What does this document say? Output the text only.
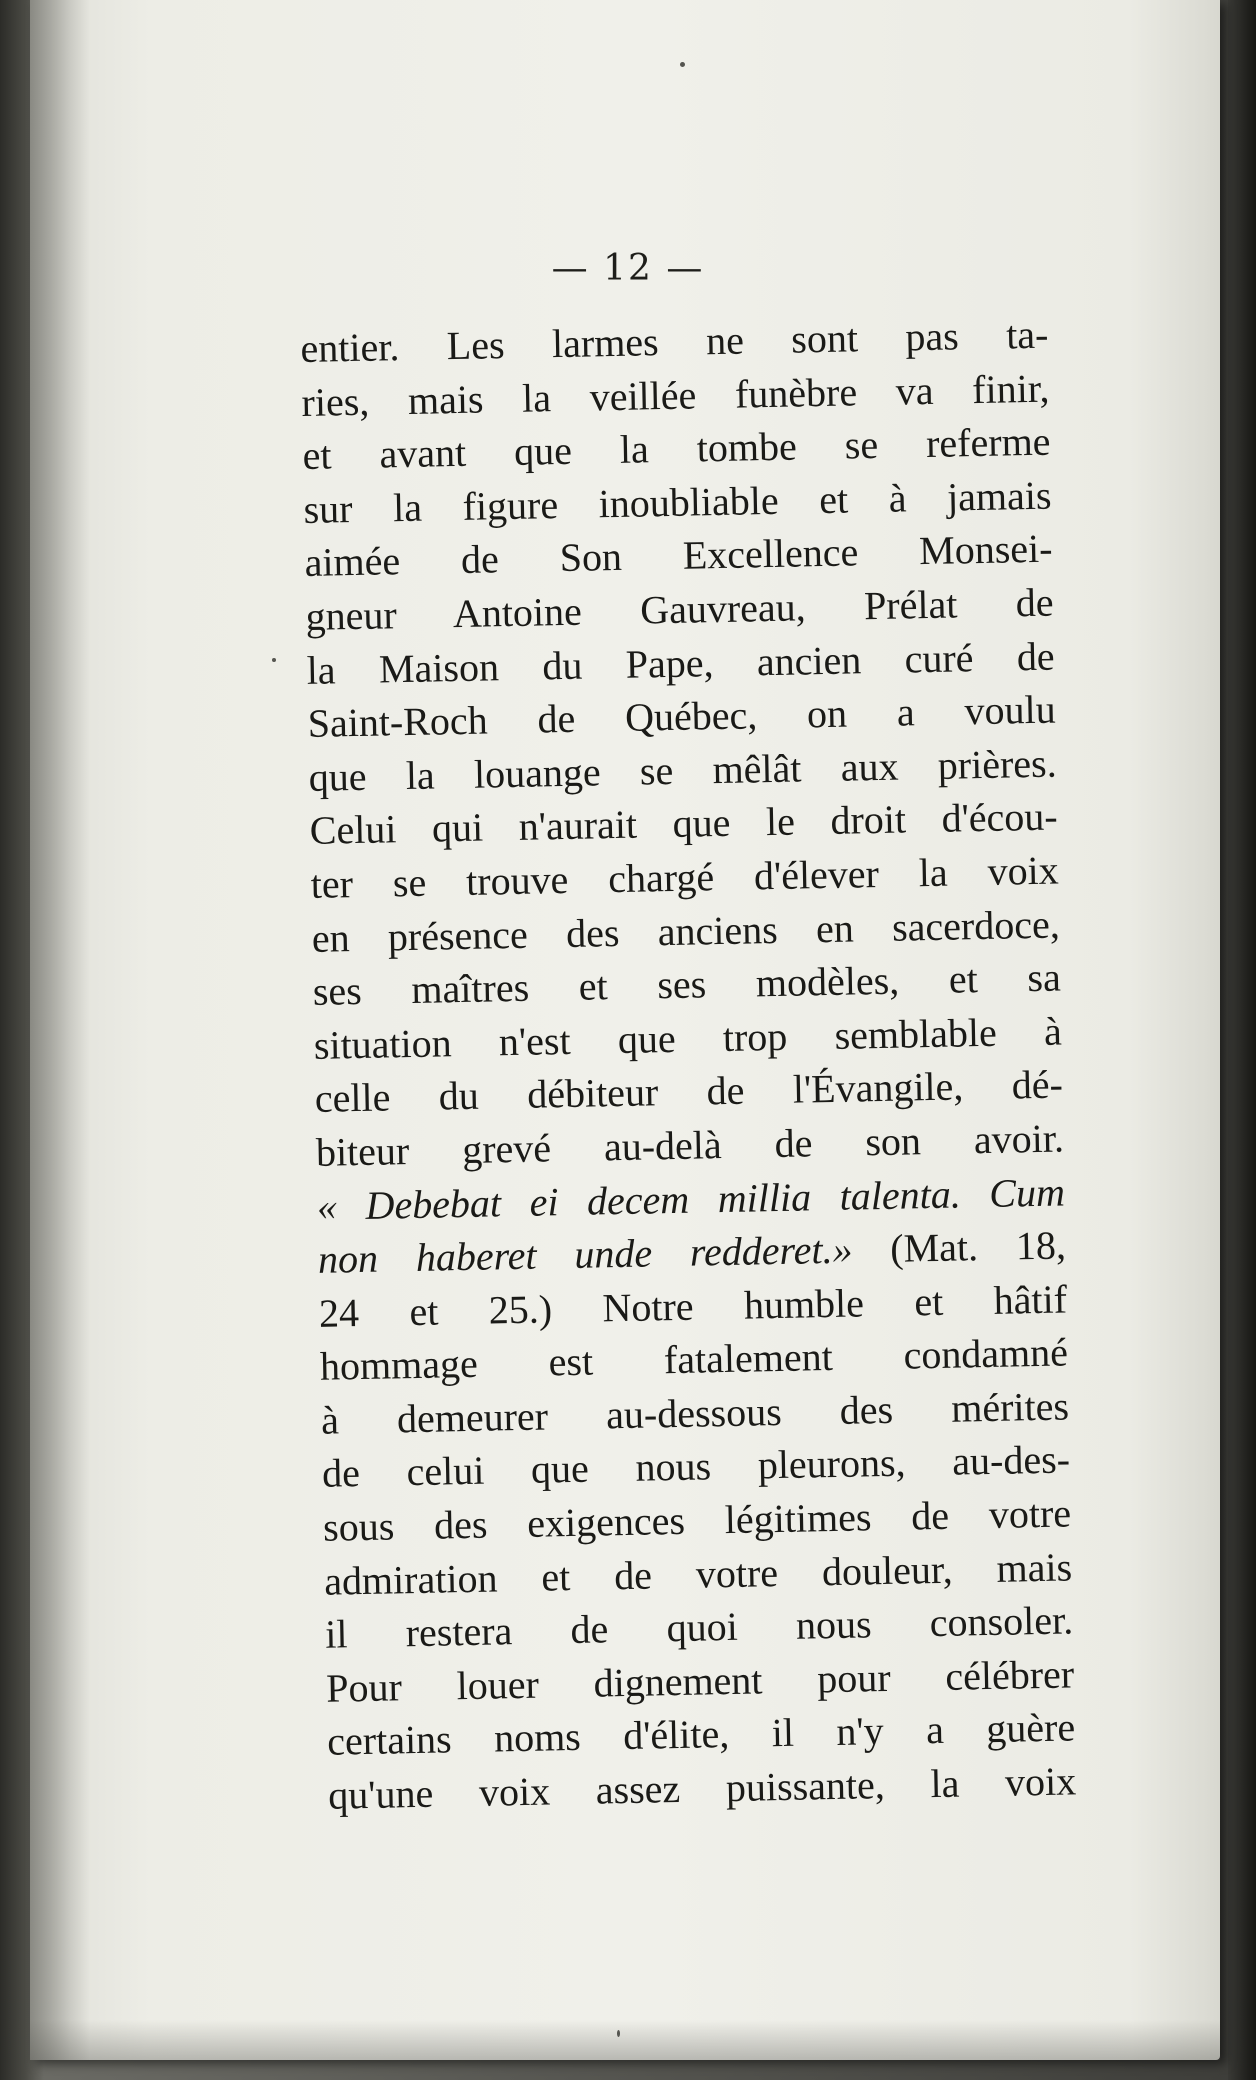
— 12 —
entier. Les larmes ne sont pas ta-
ries, mais la veillée funèbre va finir,
et avant que la tombe se referme
sur la figure inoubliable et à jamais
aimée de Son Excellence Monsei-
gneur Antoine Gauvreau, Prélat de
la Maison du Pape, ancien curé de
Saint-Roch de Québec, on a voulu
que la louange se mêlât aux prières.
Celui qui n'aurait que le droit d'écou-
ter se trouve chargé d'élever la voix
en présence des anciens en sacerdoce,
ses maîtres et ses modèles, et sa
situation n'est que trop semblable à
celle du débiteur de l'Évangile, dé-
biteur grevé au-delà de son avoir.
« Debebat ei decem millia talenta. Cum
non haberet unde redderet.» (Mat. 18,
24 et 25.) Notre humble et hâtif
hommage est fatalement condamné
à demeurer au-dessous des mérites
de celui que nous pleurons, au-des-
sous des exigences légitimes de votre
admiration et de votre douleur, mais
il restera de quoi nous consoler.
Pour louer dignement pour célébrer
certains noms d'élite, il n'y a guère
qu'une voix assez puissante, la voix
